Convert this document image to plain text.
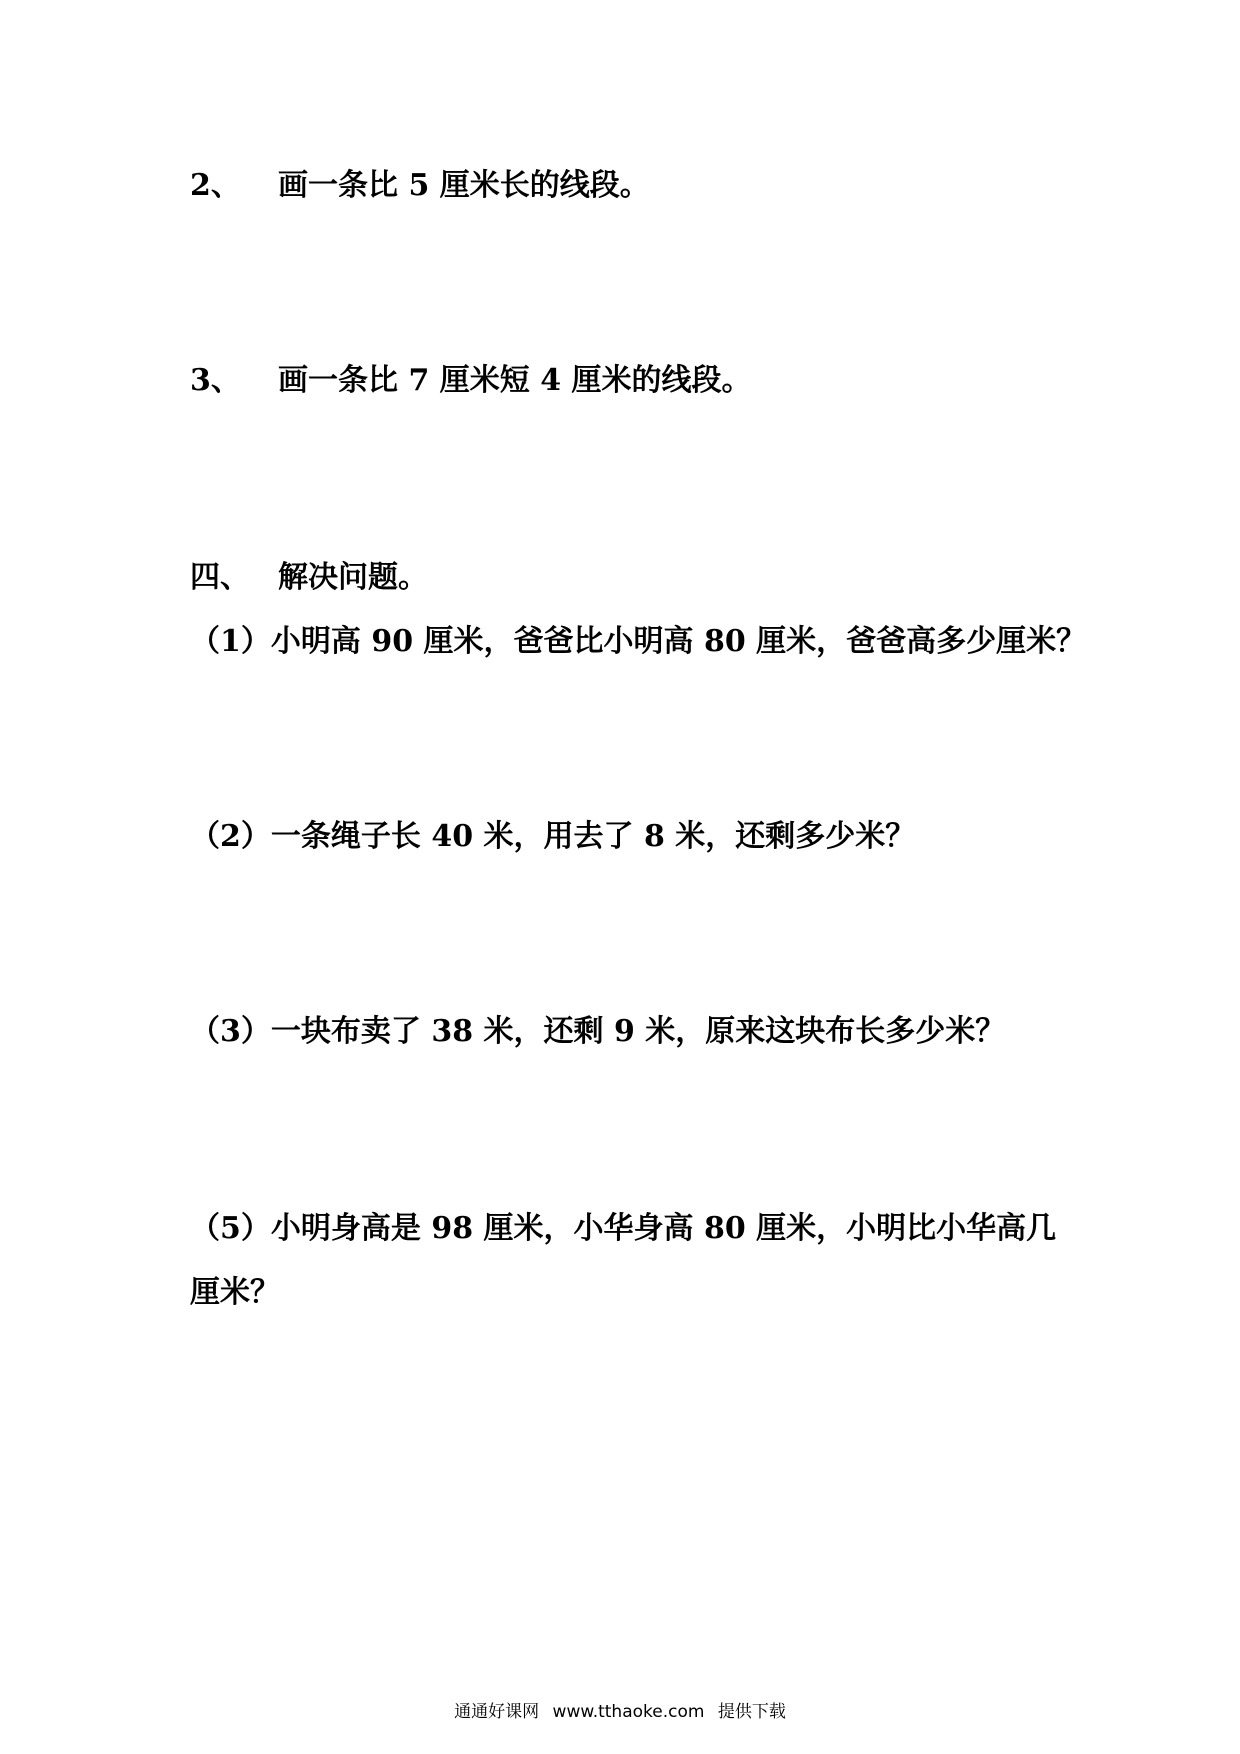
2、 画一条比 5 厘米长的线段。
3、 画一条比 7 厘米短 4 厘米的线段。
四、 解决问题。
（1）小明高 90 厘米，爸爸比小明高 80 厘米，爸爸高多少厘米？
（2）一条绳子长 40 米，用去了 8 米，还剩多少米？
（3）一块布卖了 38 米，还剩 9 米，原来这块布长多少米？
（5）小明身高是 98 厘米，小华身高 80 厘米，小明比小华高几
厘米？
通通好课网 www.tthaoke.com 提供下载
